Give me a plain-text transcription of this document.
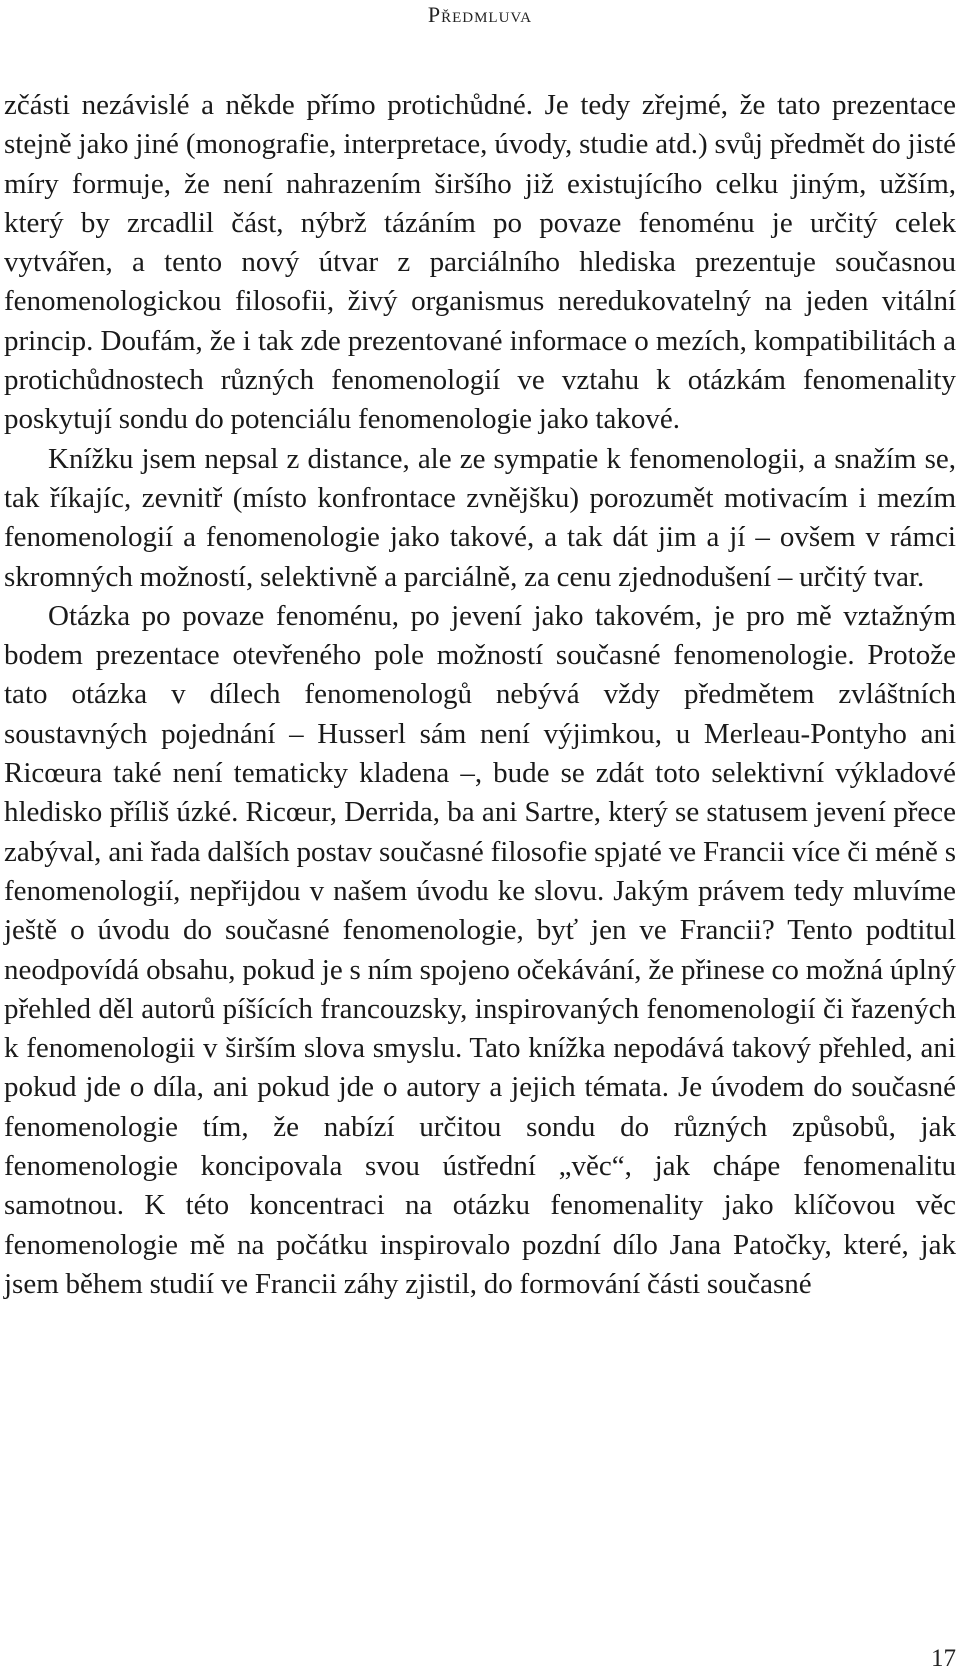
Předmluva

zčásti nezávislé a někde přímo protichůdné. Je tedy zřejmé, že tato prezentace stejně jako jiné (monografie, interpretace, úvody, studie atd.) svůj předmět do jisté míry formuje, že není nahrazením širšího již existujícího celku jiným, užším, který by zrcadlil část, nýbrž tázáním po povaze fenoménu je určitý celek vytvářen, a tento nový útvar z parciálního hlediska prezentuje současnou fenomenologickou filosofii, živý organismus neredukovatelný na jeden vitální princip. Doufám, že i tak zde prezentované informace o mezích, kompatibilitách a protichůdnostech různých fenomenologií ve vztahu k otázkám fenomenality poskytují sondu do potenciálu fenomenologie jako takové.

Knížku jsem nepsal z distance, ale ze sympatie k fenomenologii, a snažím se, tak říkajíc, zevnitř (místo konfrontace zvnějšku) porozumět motivacím i mezím fenomenologií a fenomenologie jako takové, a tak dát jim a jí – ovšem v rámci skromných možností, selektivně a parciálně, za cenu zjednodušení – určitý tvar.

Otázka po povaze fenoménu, po jevení jako takovém, je pro mě vztažným bodem prezentace otevřeného pole možností současné fenomenologie. Protože tato otázka v dílech fenomenologů nebývá vždy předmětem zvláštních soustavných pojednání – Husserl sám není výjimkou, u Merleau-Pontyho ani Ricœura také není tematicky kladena –, bude se zdát toto selektivní výkladové hledisko příliš úzké. Ricœur, Derrida, ba ani Sartre, který se statusem jevení přece zabýval, ani řada dalších postav současné filosofie spjaté ve Francii více či méně s fenomenologií, nepřijdou v našem úvodu ke slovu. Jakým právem tedy mluvíme ještě o úvodu do současné fenomenologie, byť jen ve Francii? Tento podtitul neodpovídá obsahu, pokud je s ním spojeno očekávání, že přinese co možná úplný přehled děl autorů píšících francouzsky, inspirovaných fenomenologií či řazených k fenomenologii v širším slova smyslu. Tato knížka nepodává takový přehled, ani pokud jde o díla, ani pokud jde o autory a jejich témata. Je úvodem do současné fenomenologie tím, že nabízí určitou sondu do různých způsobů, jak fenomenologie koncipovala svou ústřední „věc“, jak chápe fenomenalitu samotnou. K této koncentraci na otázku fenomenality jako klíčovou věc fenomenologie mě na počátku inspirovalo pozdní dílo Jana Patočky, které, jak jsem během studií ve Francii záhy zjistil, do formování části současné

17
